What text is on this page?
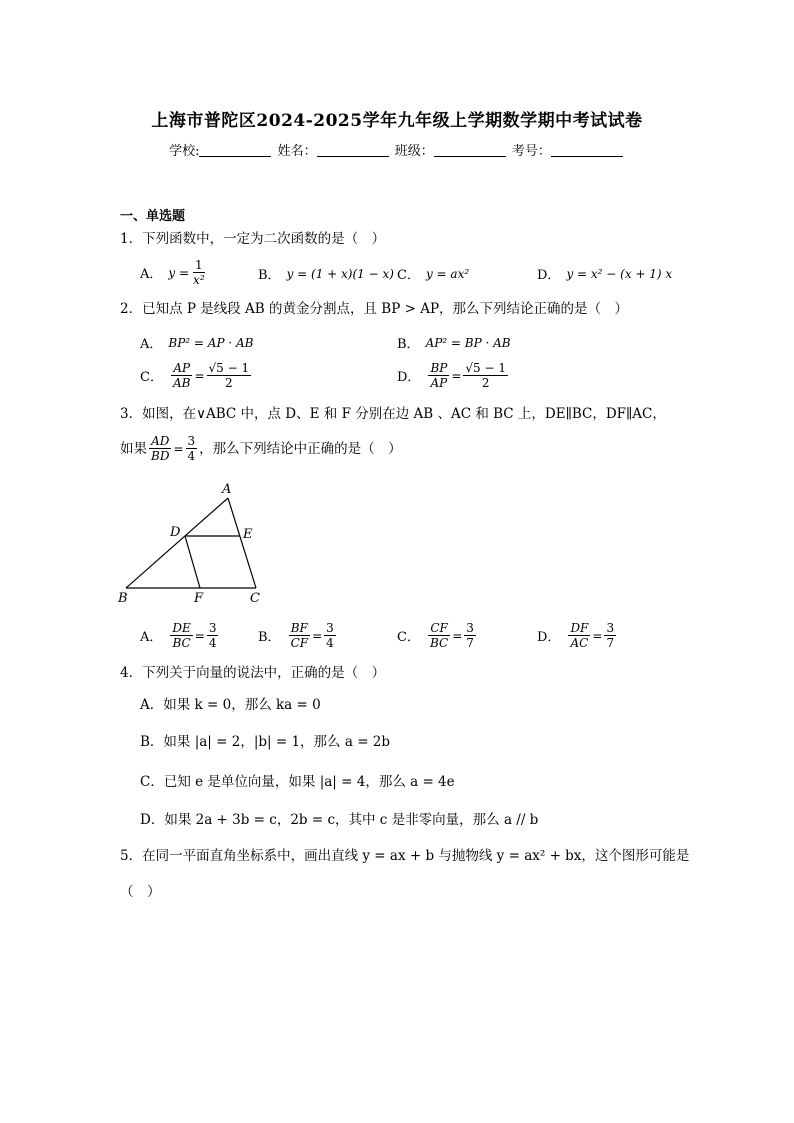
上海市普陀区2024-2025学年九年级上学期数学期中考试试卷
学校:	姓名：	班级：	考号：
一、单选题
1．下列函数中，一定为二次函数的是（　）
A． $y = \frac{1}{\text{x²}}$	B． y = (1 + x)(1 − x) C． y = ax²	D． y = x² − (x + 1) x
2．已知点 P 是线段 AB 的黄金分割点，且 BP > AP，那么下列结论正确的是（　）
A． BP² = AP · AB	B． AP² = BP · AB
C． $\frac{AP}{AB} = \frac{√5 - 1}{2}$	D． $\frac{BP}{AP} = \frac{√5 - 1}{2}$
3．如图，在∨ABC 中，点 D、E 和 F 分别在边 AB 、AC 和 BC 上，DE∥BC，DF∥AC，
如果 $\frac{AD}{BD} = \frac{3}{4}$ ，那么下列结论中正确的是（　）
A
B	C
D	E
F
A． $\frac{DE}{BC} = \frac{3}{4}$	B． $\frac{BF}{CF} = \frac{3}{4}$	C． $\frac{CF}{BC} = \frac{3}{7}$	D． $\frac{DF}{AC} = \frac{3}{7}$
4．下列关于向量的说法中，正确的是（　）
A．如果 k = 0，那么 ka = 0
B．如果 |a| = 2，|b| = 1，那么 a = 2b
C．已知 e 是单位向量，如果 |a| = 4，那么 a = 4e
D．如果 2a + 3b = c，2b = c，其中 c 是非零向量，那么 a // b
5．在同一平面直角坐标系中，画出直线 y = ax + b 与抛物线 y = ax² + bx，这个图形可能是
（　）
